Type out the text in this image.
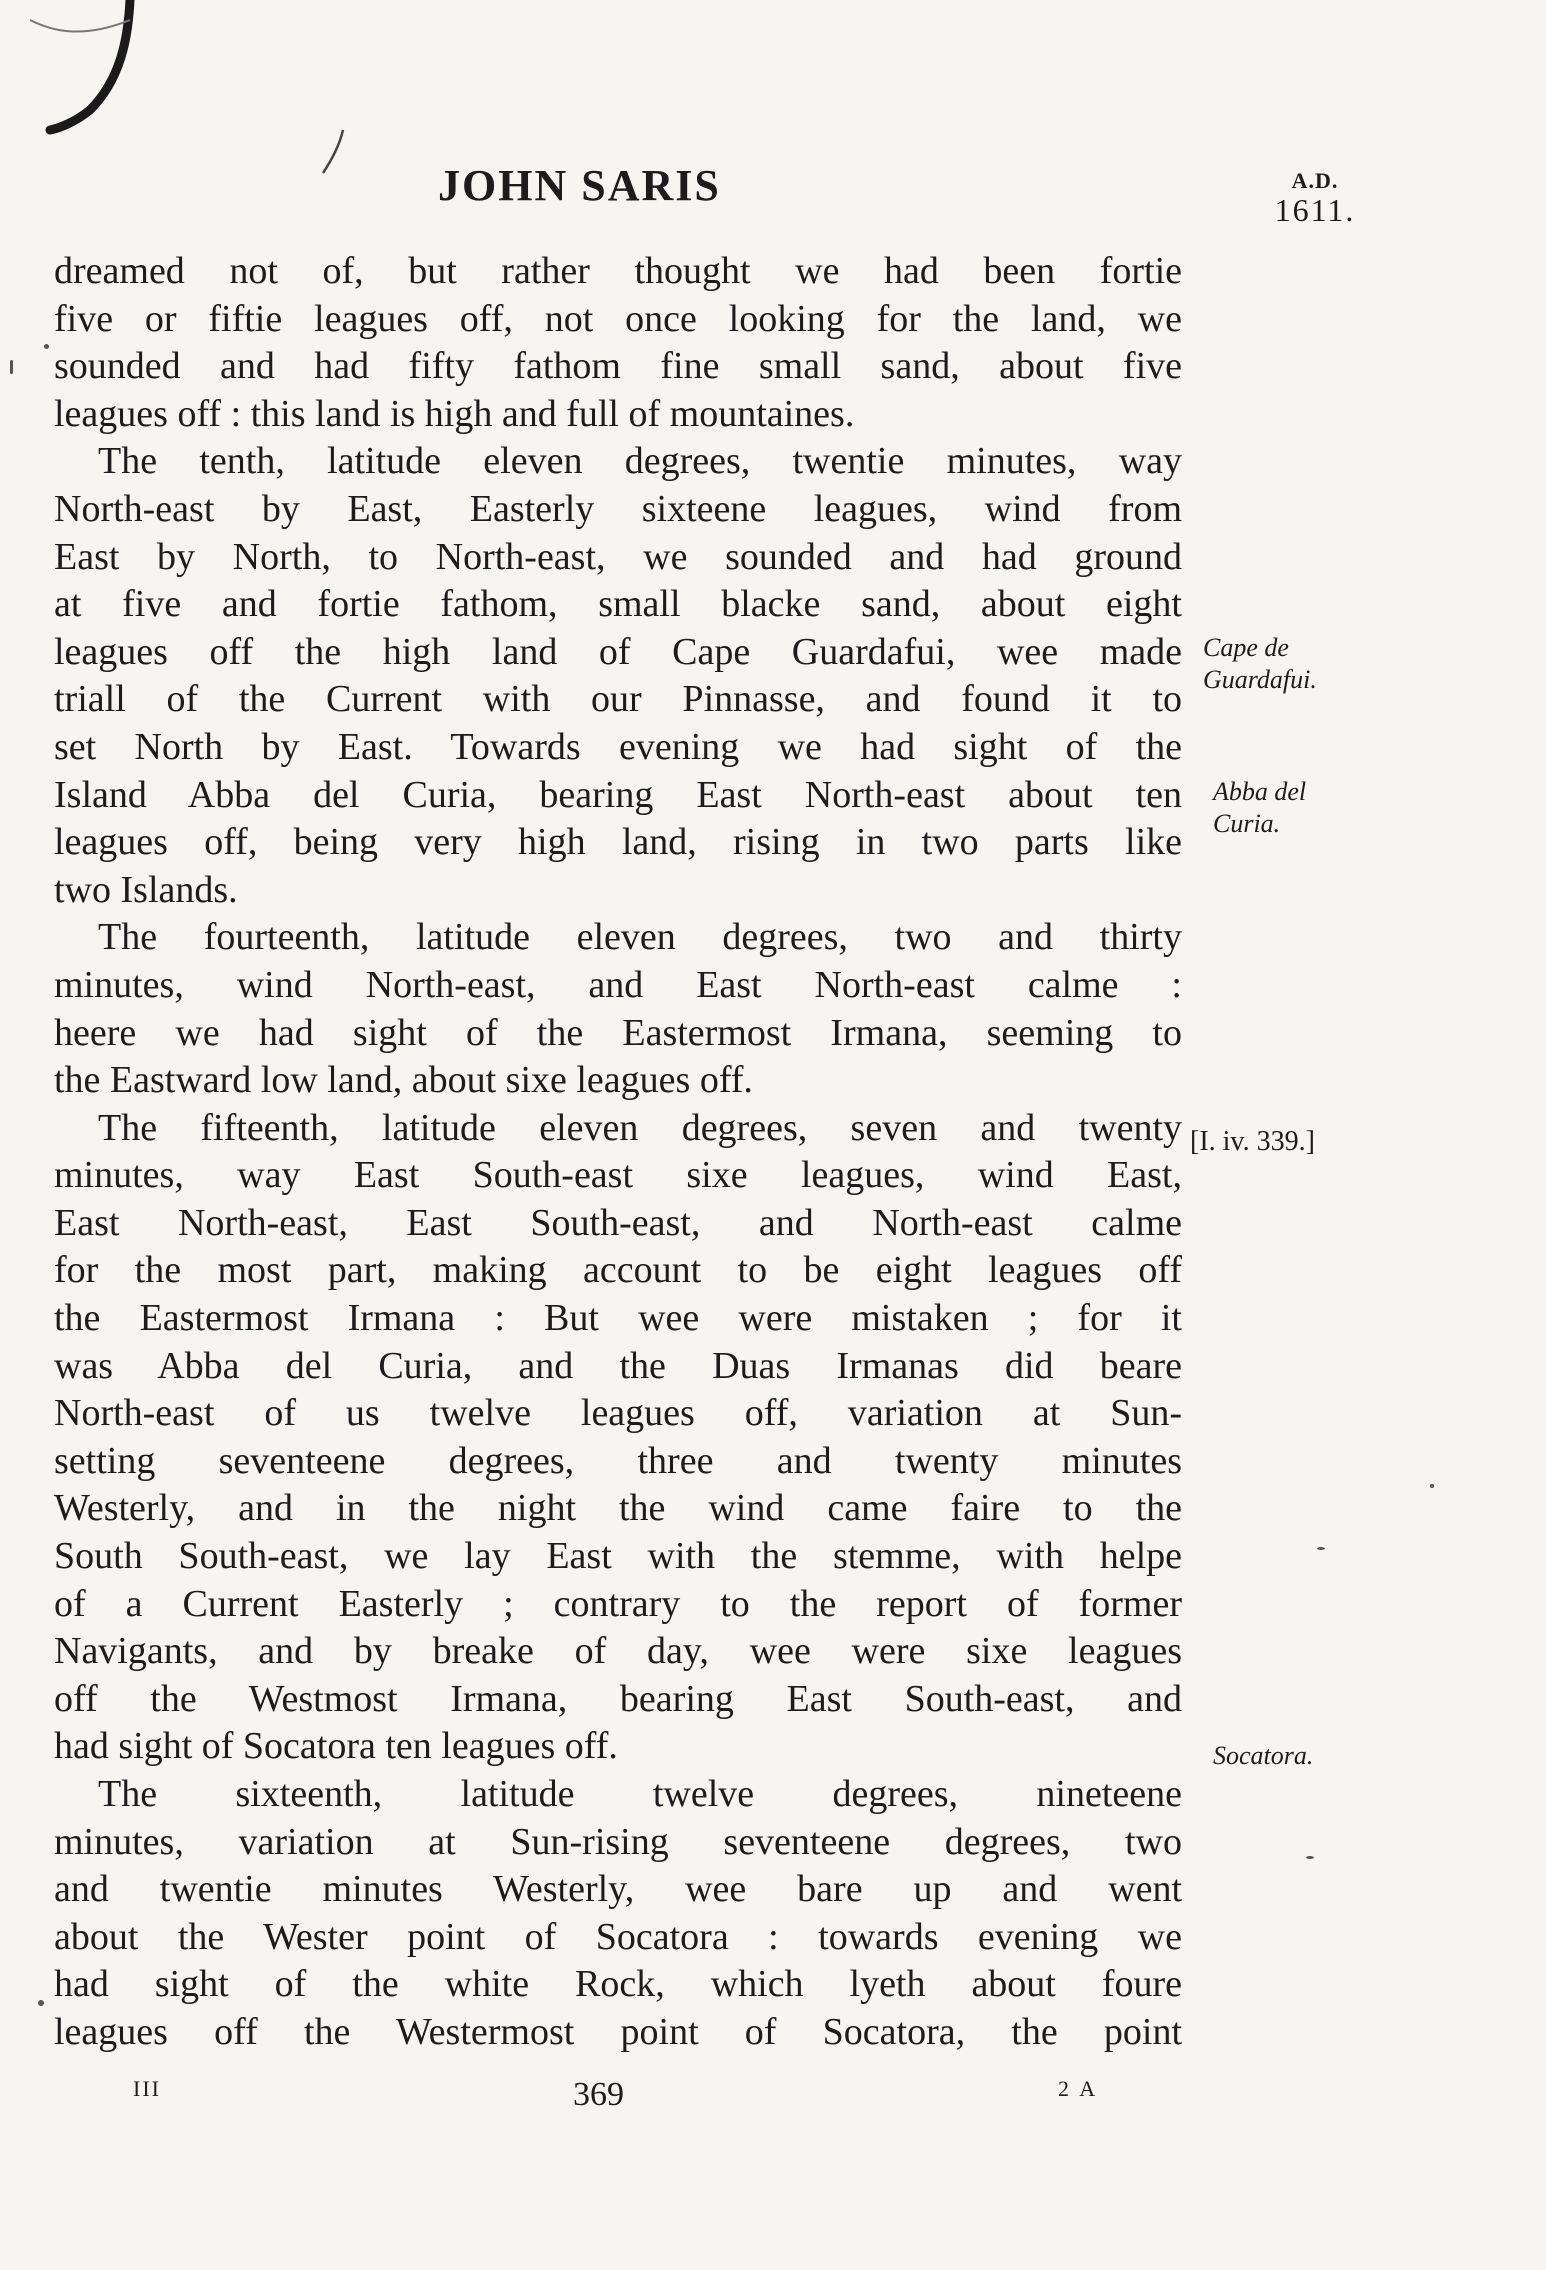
JOHN SARIS	A.D.
1611.
dreamed not of, but rather thought we had been fortie
five or fiftie leagues off, not once looking for the land, we
sounded and had fifty fathom fine small sand, about five
leagues off : this land is high and full of mountaines.
The tenth, latitude eleven degrees, twentie minutes, way
North-east by East, Easterly sixteene leagues, wind from
East by North, to North-east, we sounded and had ground
at five and fortie fathom, small blacke sand, about eight
leagues off the high land of Cape Guardafui, wee made
triall of the Current with our Pinnasse, and found it to
set North by East. Towards evening we had sight of the
Island Abba del Curia, bearing East North-east about ten
leagues off, being very high land, rising in two parts like
two Islands.
The fourteenth, latitude eleven degrees, two and thirty
minutes, wind North-east, and East North-east calme :
heere we had sight of the Eastermost Irmana, seeming to
the Eastward low land, about sixe leagues off.
The fifteenth, latitude eleven degrees, seven and twenty
minutes, way East South-east sixe leagues, wind East,
East North-east, East South-east, and North-east calme
for the most part, making account to be eight leagues off
the Eastermost Irmana : But wee were mistaken ; for it
was Abba del Curia, and the Duas Irmanas did beare
North-east of us twelve leagues off, variation at Sun-
setting seventeene degrees, three and twenty minutes
Westerly, and in the night the wind came faire to the
South South-east, we lay East with the stemme, with helpe
of a Current Easterly ; contrary to the report of former
Navigants, and by breake of day, wee were sixe leagues
off the Westmost Irmana, bearing East South-east, and
had sight of Socatora ten leagues off.
The sixteenth, latitude twelve degrees, nineteene
minutes, variation at Sun-rising seventeene degrees, two
and twentie minutes Westerly, wee bare up and went
about the Wester point of Socatora : towards evening we
had sight of the white Rock, which lyeth about foure
leagues off the Westermost point of Socatora, the point
Cape de
Guardafui.
Abba del
Curia.
[I. iv. 339.]
Socatora.
III	369	2 A
